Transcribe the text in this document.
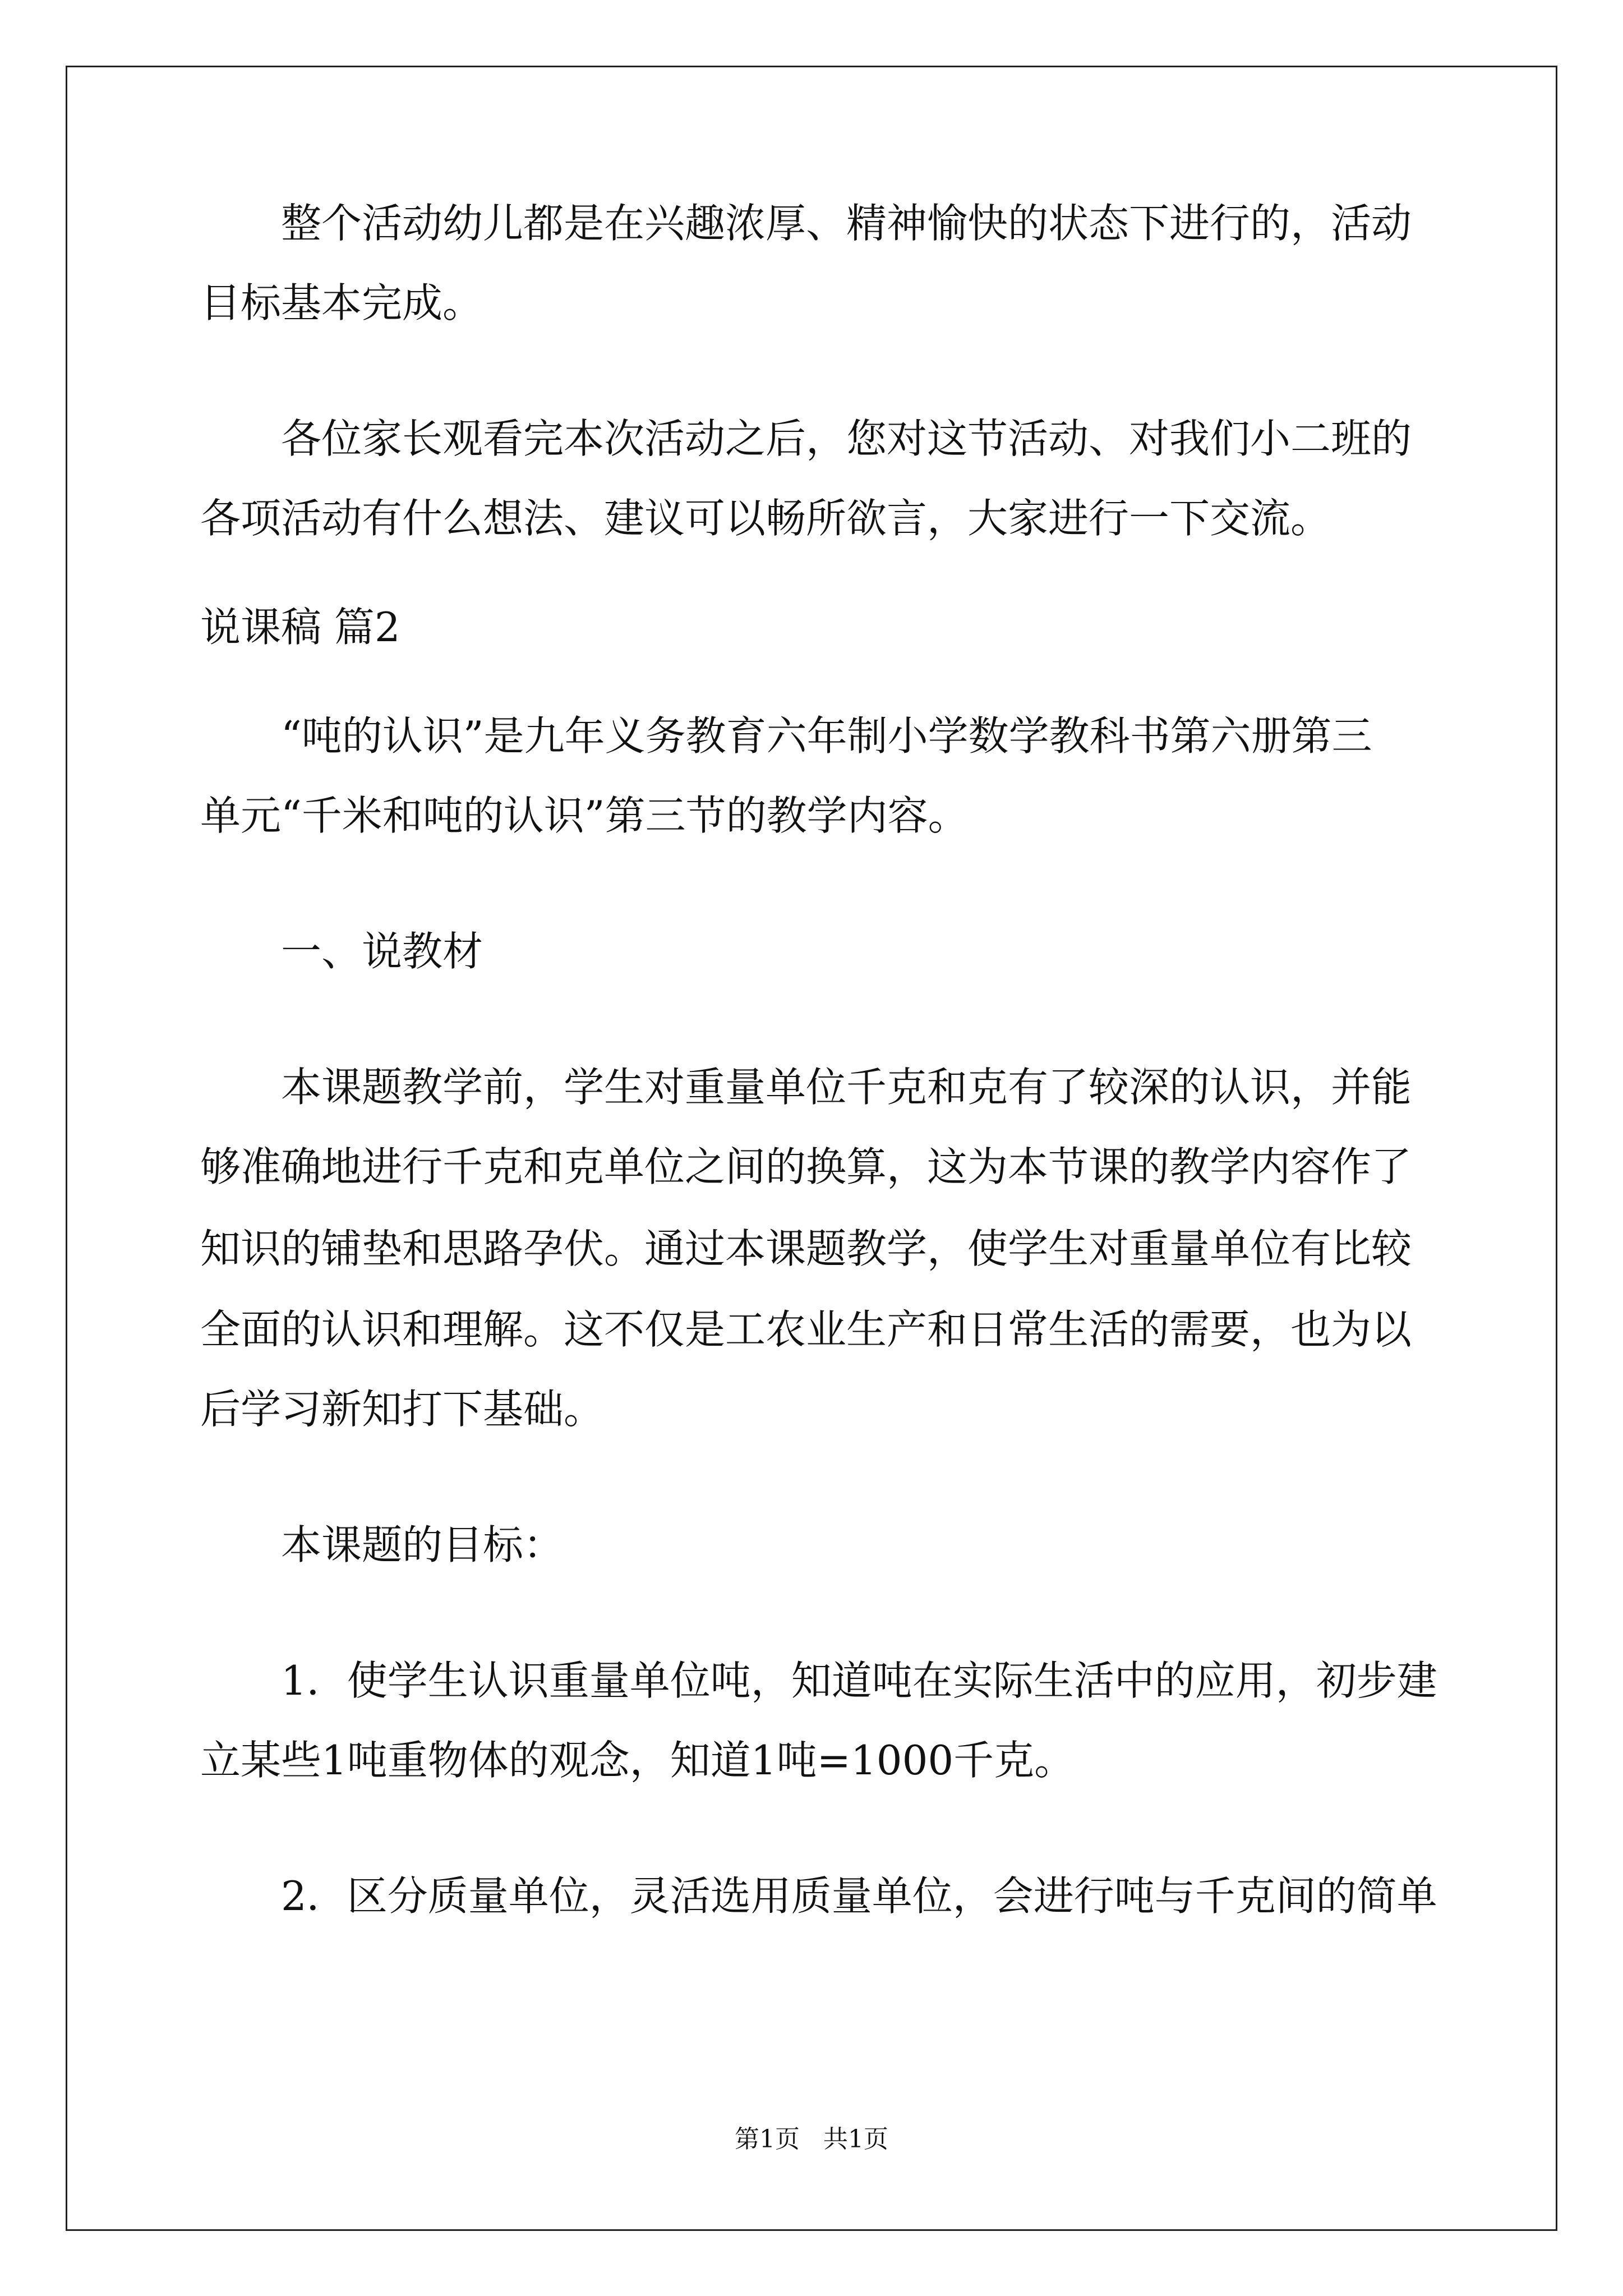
整个活动幼儿都是在兴趣浓厚、精神愉快的状态下进行的，活动
目标基本完成。
各位家长观看完本次活动之后，您对这节活动、对我们小二班的
各项活动有什么想法、建议可以畅所欲言，大家进行一下交流。
说课稿 篇2
“吨的认识”是九年义务教育六年制小学数学教科书第六册第三
单元“千米和吨的认识”第三节的教学内容。
一、说教材
本课题教学前，学生对重量单位千克和克有了较深的认识，并能
够准确地进行千克和克单位之间的换算，这为本节课的教学内容作了
知识的铺垫和思路孕伏。通过本课题教学，使学生对重量单位有比较
全面的认识和理解。这不仅是工农业生产和日常生活的需要，也为以
后学习新知打下基础。
本课题的目标：
1．使学生认识重量单位吨，知道吨在实际生活中的应用，初步建
立某些1吨重物体的观念，知道1吨=1000千克。
2．区分质量单位，灵活选用质量单位，会进行吨与千克间的简单
第1页   共1页
